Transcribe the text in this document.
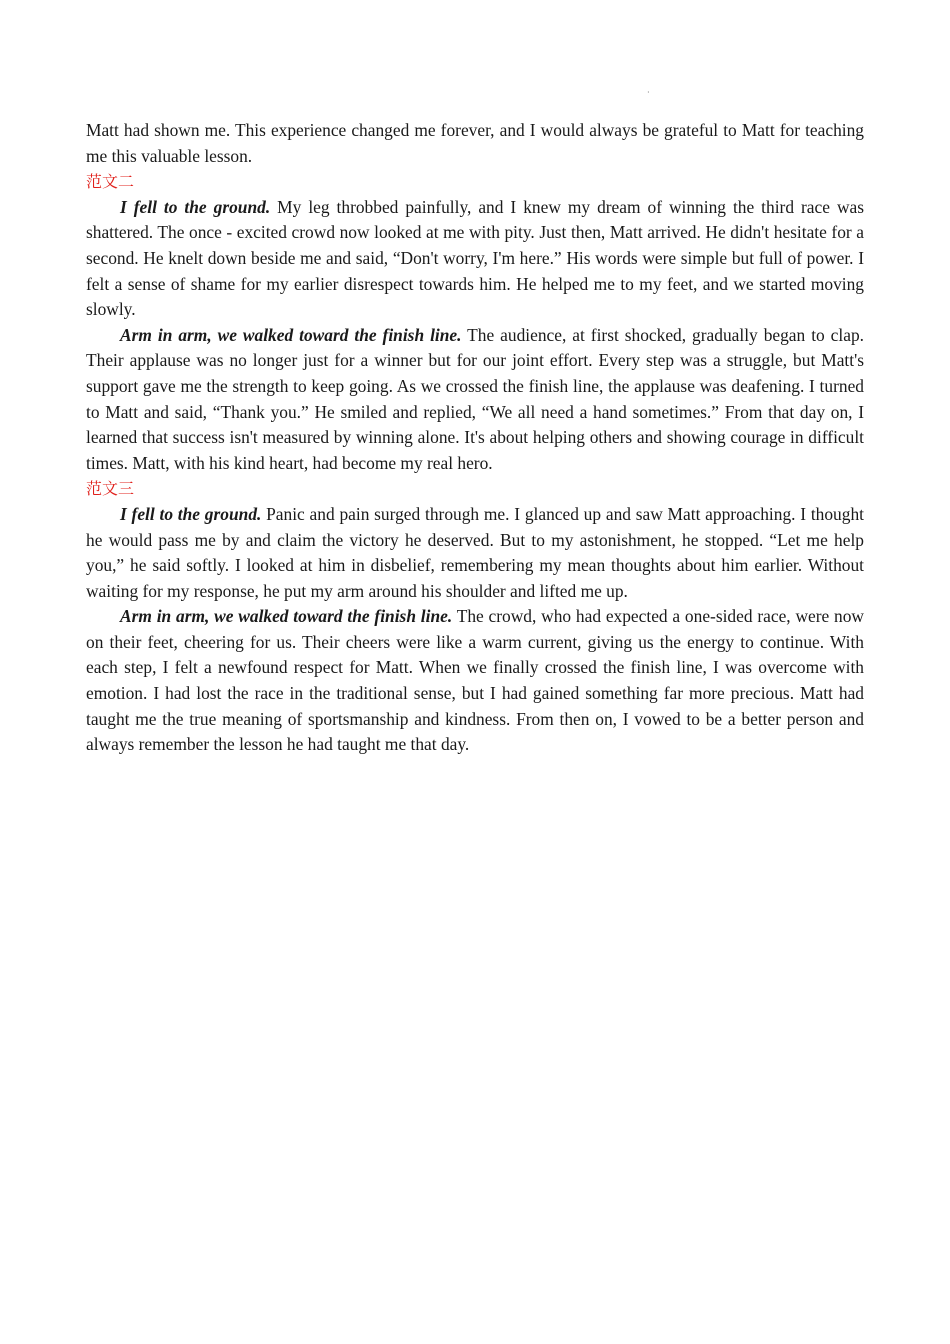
·

Matt had shown me. This experience changed me forever, and I would always be grateful to Matt for teaching me this valuable lesson.

范文二

I fell to the ground. My leg throbbed painfully, and I knew my dream of winning the third race was shattered. The once - excited crowd now looked at me with pity. Just then, Matt arrived. He didn't hesitate for a second. He knelt down beside me and said, “Don't worry, I'm here.” His words were simple but full of power. I felt a sense of shame for my earlier disrespect towards him. He helped me to my feet, and we started moving slowly.

Arm in arm, we walked toward the finish line. The audience, at first shocked, gradually began to clap. Their applause was no longer just for a winner but for our joint effort. Every step was a struggle, but Matt's support gave me the strength to keep going. As we crossed the finish line, the applause was deafening. I turned to Matt and said, “Thank you.” He smiled and replied, “We all need a hand sometimes.” From that day on, I learned that success isn't measured by winning alone. It's about helping others and showing courage in difficult times. Matt, with his kind heart, had become my real hero.

范文三

I fell to the ground. Panic and pain surged through me. I glanced up and saw Matt approaching. I thought he would pass me by and claim the victory he deserved. But to my astonishment, he stopped. “Let me help you,” he said softly. I looked at him in disbelief, remembering my mean thoughts about him earlier. Without waiting for my response, he put my arm around his shoulder and lifted me up.

Arm in arm, we walked toward the finish line. The crowd, who had expected a one-sided race, were now on their feet, cheering for us. Their cheers were like a warm current, giving us the energy to continue. With each step, I felt a newfound respect for Matt. When we finally crossed the finish line, I was overcome with emotion. I had lost the race in the traditional sense, but I had gained something far more precious. Matt had taught me the true meaning of sportsmanship and kindness. From then on, I vowed to be a better person and always remember the lesson he had taught me that day.
